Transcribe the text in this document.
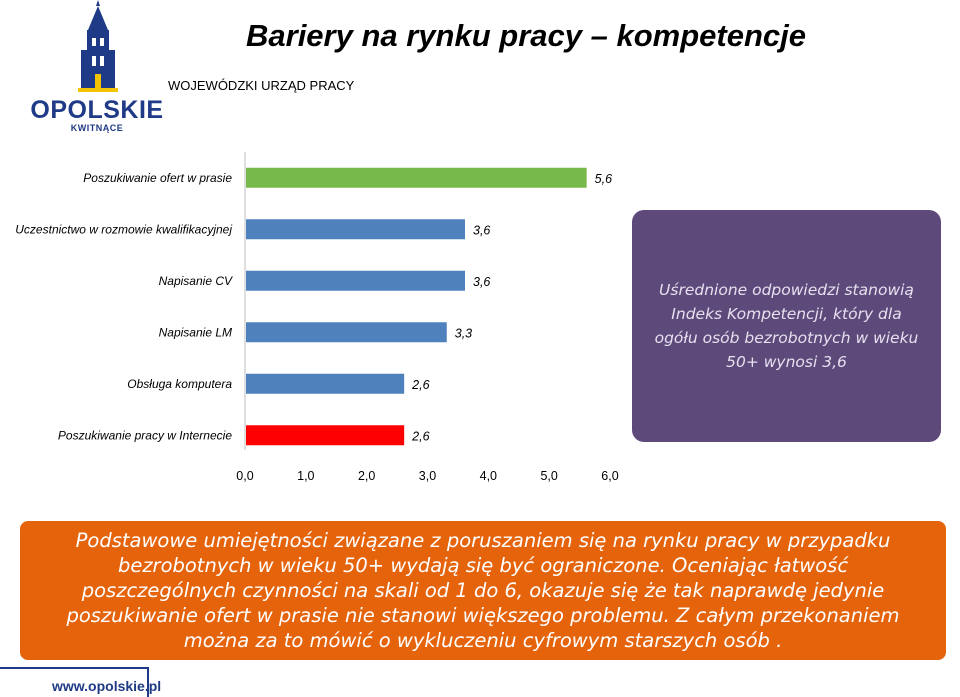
OPOLSKIE
KWITNĄCE
Bariery na rynku pracy – kompetencje
WOJEWÓDZKI URZĄD PRACY
Poszukiwanie ofert w prasie	5,6
Uczestnictwo w rozmowie kwalifikacyjnej	3,6
Napisanie CV	3,6
Napisanie LM	3,3
Obsługa komputera	2,6
Poszukiwanie pracy w Internecie	2,6
0,0	1,0	2,0	3,0	4,0	5,0	6,0
Uśrednione odpowiedzi stanowią Indeks Kompetencji, który dla ogółu osób bezrobotnych w wieku 50+ wynosi 3,6
Podstawowe umiejętności związane z poruszaniem się na rynku pracy w przypadku bezrobotnych w wieku 50+ wydają się być ograniczone. Oceniając łatwość poszczególnych czynności na skali od 1 do 6, okazuje się że tak naprawdę jedynie poszukiwanie ofert w prasie nie stanowi większego problemu. Z całym przekonaniem można za to mówić o wykluczeniu cyfrowym starszych osób .
www.opolskie.pl
